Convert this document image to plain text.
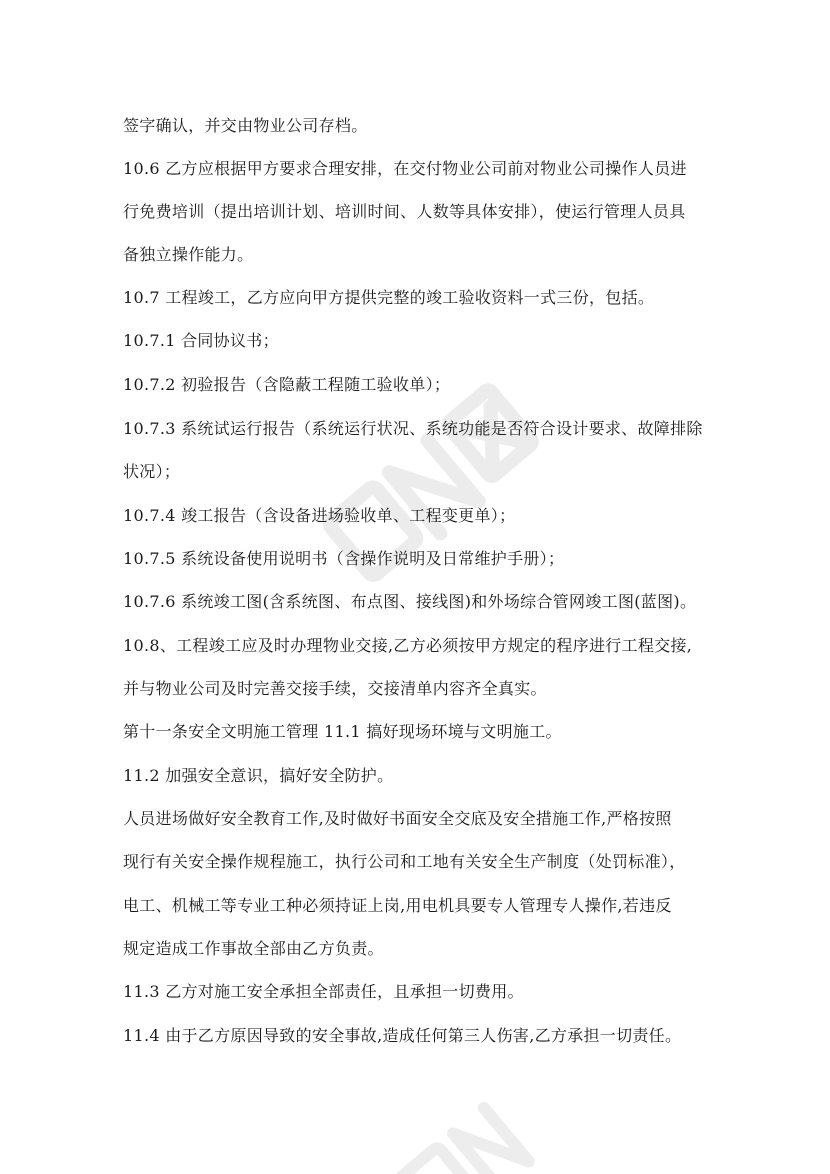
签字确认，并交由物业公司存档。
10.6 乙方应根据甲方要求合理安排，在交付物业公司前对物业公司操作人员进
行免费培训（提出培训计划、培训时间、人数等具体安排），使运行管理人员具
备独立操作能力。
10.7 工程竣工，乙方应向甲方提供完整的竣工验收资料一式三份，包括。
10.7.1 合同协议书；
10.7.2 初验报告（含隐蔽工程随工验收单）；
10.7.3 系统试运行报告（系统运行状况、系统功能是否符合设计要求、故障排除
状况）；
10.7.4 竣工报告（含设备进场验收单、工程变更单）；
10.7.5 系统设备使用说明书（含操作说明及日常维护手册）；
10.7.6 系统竣工图(含系统图、布点图、接线图)和外场综合管网竣工图(蓝图)。
10.8、工程竣工应及时办理物业交接,乙方必须按甲方规定的程序进行工程交接,
并与物业公司及时完善交接手续，交接清单内容齐全真实。
第十一条安全文明施工管理 11.1 搞好现场环境与文明施工。
11.2 加强安全意识，搞好安全防护。
人员进场做好安全教育工作,及时做好书面安全交底及安全措施工作,严格按照
现行有关安全操作规程施工，执行公司和工地有关安全生产制度（处罚标准），
电工、机械工等专业工种必须持证上岗,用电机具要专人管理专人操作,若违反
规定造成工作事故全部由乙方负责。
11.3 乙方对施工安全承担全部责任，且承担一切费用。
11.4 由于乙方原因导致的安全事故,造成任何第三人伤害,乙方承担一切责任。
